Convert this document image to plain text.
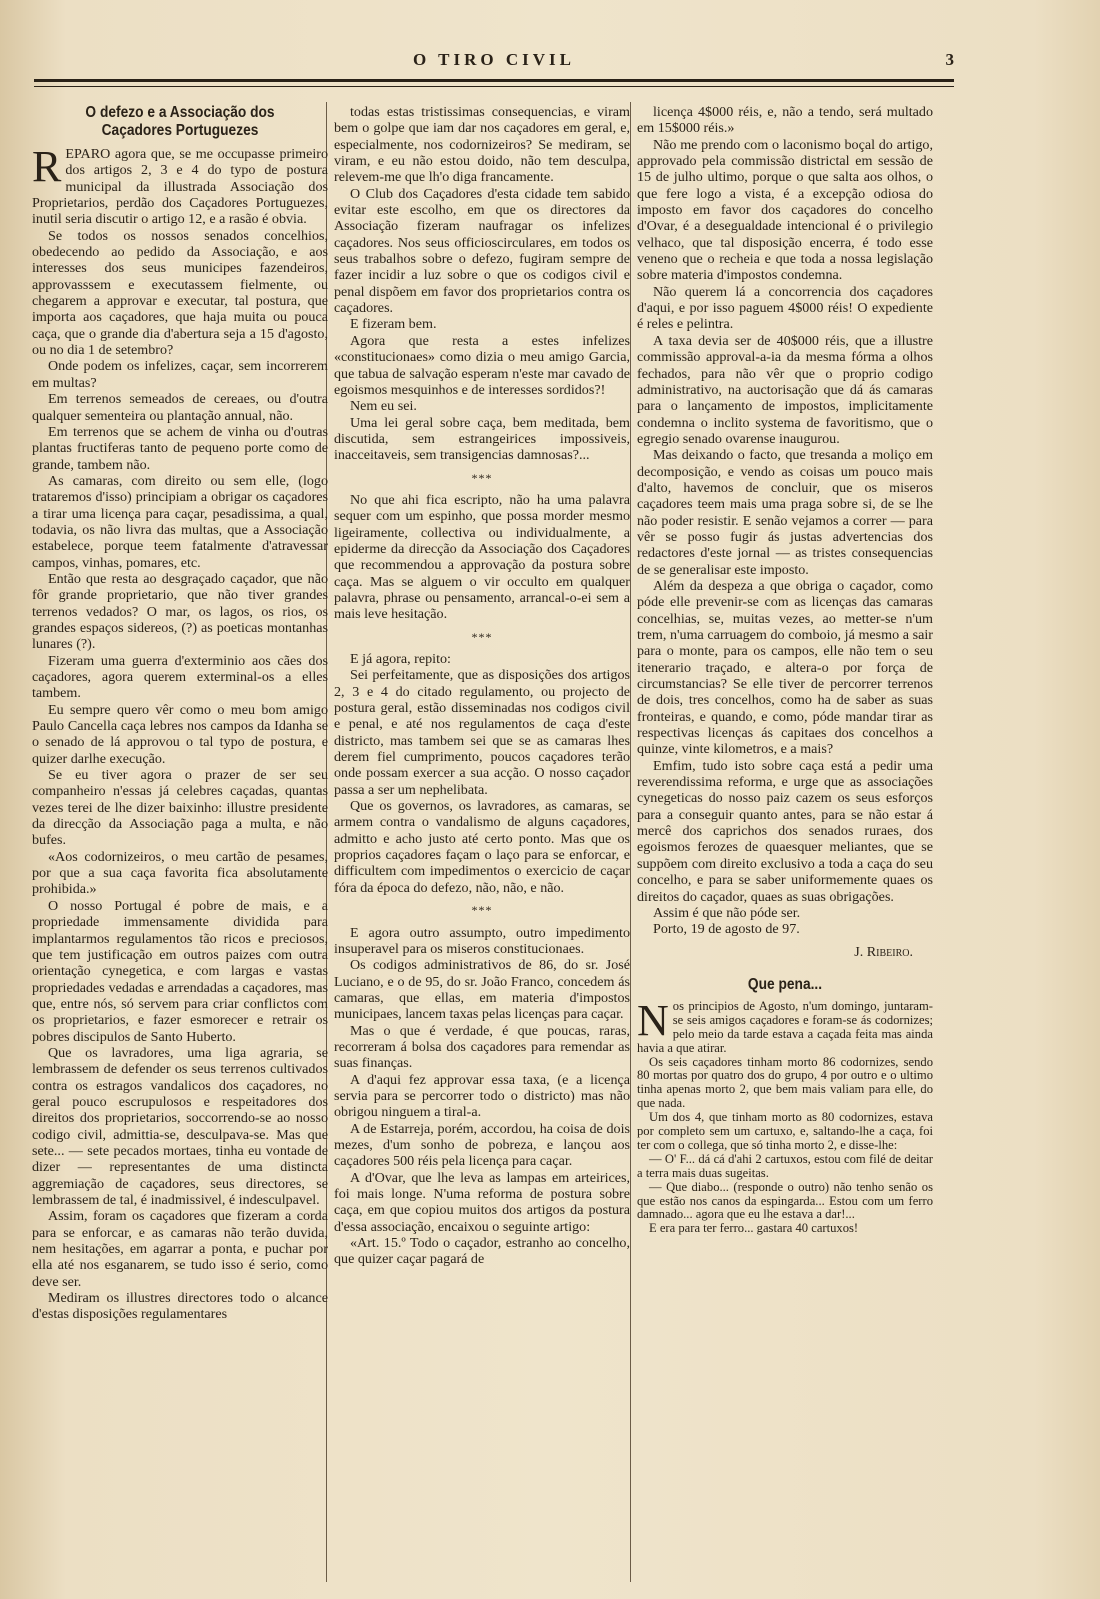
O TIRO CIVIL	3
O defezo e a Associação dos Caçadores Portuguezes
R EPARO agora que, se me occupasse primeiro dos artigos 2, 3 e 4 do typo de postura municipal da illustrada Associação dos Proprietarios, perdão dos Caçadores Portuguezes, inutil seria discutir o artigo 12, e a rasão é obvia.

Se todos os nossos senados concelhios, obedecendo ao pedido da Associação, e aos interesses dos seus municipes fazendeiros, approvasssem e executassem fielmente, ou chegarem a approvar e executar, tal postura, que importa aos caçadores, que haja muita ou pouca caça, que o grande dia d'abertura seja a 15 d'agosto, ou no dia 1 de setembro?

Onde podem os infelizes, caçar, sem incorrerem em multas?

Em terrenos semeados de cereaes, ou d'outra qualquer sementeira ou plantação annual, não.

Em terrenos que se achem de vinha ou d'outras plantas fructiferas tanto de pequeno porte como de grande, tambem não.

As camaras, com direito ou sem elle, (logo trataremos d'isso) principiam a obrigar os caçadores a tirar uma licença para caçar, pesadissima, a qual, todavia, os não livra das multas, que a Associação estabelece, porque teem fatalmente d'atravessar campos, vinhas, pomares, etc.

Então que resta ao desgraçado caçador, que não fôr grande proprietario, que não tiver grandes terrenos vedados? O mar, os lagos, os rios, os grandes espaços siderеos, (?) as poeticas montanhas lunares (?).

Fizeram uma guerra d'exterminio aos cães dos caçadores, agora querem exterminal-os a elles tambem.

Eu sempre quero vêr como o meu bom amigo Paulo Cancella caça lebres nos campos da Idanha se o senado de lá approvou o tal typo de postura, e quizer darlhe execução.

Se eu tiver agora o prazer de ser seu companheiro n'essas já celebres caçadas, quantas vezes terei de lhe dizer baixinho: illustre presidente da direcção da Associação paga a multa, e não bufes.

«Aos codornizeiros, o meu cartão de pesames, por que a sua caça favorita fica absolutamente prohibida.»

O nosso Portugal é pobre de mais, e a propriedade immensamente dividida para implantarmos regulamentos tão ricos e preciosos, que tem justificação em outros paizes com outra orientação cynegetica, e com largas e vastas propriedades vedadas e arrendadas a caçadores, mas que, entre nós, só servem para criar conflictos com os proprietarios, e fazer esmorecer e retrair os pobres discipulos de Santo Huberto.

Que os lavradores, uma liga agraria, se lembrassem de defender os seus terrenos cultivados contra os estragos vandalicos dos caçadores, no geral pouco escrupulosos e respeitadores dos direitos dos proprietarios, soccorrendo-se ao nosso codigo civil, admittia-se, desculpava-se. Mas que sete... — sete pecados mortaes, tinha eu vontade de dizer — representantes de uma distincta aggremiação de caçadores, seus directores, se lembrassem de tal, é inadmissivel, é indesculpavel.

Assim, foram os caçadores que fizeram a corda para se enforcar, e as camaras não terão duvida, nem hesitações, em agarrar a ponta, e puchar por ella até nos esganarem, se tudo isso é serio, como deve ser.

Mediram os illustres directores todo o alcance d'estas disposições regulamentares

todas estas tristissimas consequencias, e viram bem o golpe que iam dar nos caçadores em geral, e, especialmente, nos codornizeiros? Se mediram, se viram, e eu não estou doido, não tem desculpa, relevem-me que lh'o diga francamente.

O Club dos Caçadores d'esta cidade tem sabido evitar este escolho, em que os directores da Associação fizeram naufragar os infelizes caçadores. Nos seus officioscirculares, em todos os seus trabalhos sobre o defezo, fugiram sempre de fazer incidir a luz sobre o que os codigos civil e penal dispõem em favor dos proprietarios contra os caçadores.

E fizeram bem.

Agora que resta a estes infelizes «constitucionaes» como dizia o meu amigo Garcia, que tabua de salvação esperam n'este mar cavado de egoismos mesquinhos e de interesses sordidos?!

Nem eu sei.

Uma lei geral sobre caça, bem meditada, bem discutida, sem estrangeirices impossiveis, inacceitaveis, sem transigencias damnosas?...

***

No que ahi fica escripto, não ha uma palavra sequer com um espinho, que possa morder mesmo ligeiramente, collectiva ou individualmente, a epiderme da direcção da Associação dos Caçadores que recommendou a approvação da postura sobre caça. Mas se alguem o vir occulto em qualquer palavra, phrase ou pensamento, arrancal-o-ei sem a mais leve hesitação.

***

E já agora, repito:

Sei perfeitamente, que as disposições dos artigos 2, 3 e 4 do citado regulamento, ou projecto de postura geral, estão disseminadas nos codigos civil e penal, e até nos regulamentos de caça d'este districto, mas tambem sei que se as camaras lhes derem fiel cumprimento, poucos caçadores terão onde possam exercer a sua acção. O nosso caçador passa a ser um nephelibata.

Que os governos, os lavradores, as camaras, se armem contra o vandalismo de alguns caçadores, admitto e acho justo até certo ponto. Mas que os proprios caçadores façam o laço para se enforcar, e difficultem com impedimentos o exercicio de caçar fóra da época do defezo, não, não, e não.

***

E agora outro assumpto, outro impedimento insuperavel para os miseros constitucionaes.

Os codigos administrativos de 86, do sr. José Luciano, e o de 95, do sr. João Franco, concedem ás camaras, que ellas, em materia d'impostos municipaes, lancem taxas pelas licenças para caçar.

Mas o que é verdade, é que poucas, raras, recorreram á bolsa dos caçadores para remendar as suas finanças.

A d'aqui fez approvar essa taxa, (e a licença servia para se percorrer todo o districto) mas não obrigou ninguem a tiral-a.

A de Estarreja, porém, accordou, ha coisa de dois mezes, d'um sonho de pobreza, e lançou aos caçadores 500 réis pela licença para caçar.

A d'Ovar, que lhe leva as lampas em arteirices, foi mais longe. N'uma reforma de postura sobre caça, em que copiou muitos dos artigos da postura d'essa associação, encaixou o seguinte artigo:

«Art. 15.º Todo o caçador, estranho ao concelho, que quizer caçar pagará de

licença 4$000 réis, e, não a tendo, será multado em 15$000 réis.»

Não me prendo com o laconismo boçal do artigo, approvado pela commissão districtal em sessão de 15 de julho ultimo, porque o que salta aos olhos, o que fere logo a vista, é a excepção odiosa do imposto em favor dos caçadores do concelho d'Ovar, é a desegualdade intencional é o privilegio velhaco, que tal disposição encerra, é todo esse veneno que o recheia e que toda a nossa legislação sobre materia d'impostos condemna.

Não querem lá a concorrencia dos caçadores d'aqui, e por isso paguem 4$000 réis! O expediente é reles e pelintra.

A taxa devia ser de 40$000 réis, que a illustre commissão approval-a-ia da mesma fórma a olhos fechados, para não vêr que o proprio codigo administrativo, na auctorisação que dá ás camaras para o lançamento de impostos, implicitamente condemna o inclito systema de favoritismo, que o egregio senado ovarense inaugurou.

Mas deixando o facto, que tresanda a moliço em decomposição, e vendo as coisas um pouco mais d'alto, havemos de concluir, que os miseros caçadores teem mais uma praga sobre si, de se lhe não poder resistir. E senão vejamos a correr — para vêr se posso fugir ás justas advertencias dos redactores d'este jornal — as tristes consequencias de se generalisar este imposto.

Além da despeza a que obriga o caçador, como póde elle prevenir-se com as licenças das camaras concelhias, se, muitas vezes, ao metter-se n'um trem, n'uma carruagem do comboio, já mesmo a sair para o monte, para os campos, elle não tem o seu itenerario traçado, e altera-o por força de circumstancias? Se elle tiver de percorrer terrenos de dois, tres concelhos, como ha de saber as suas fronteiras, e quando, e como, póde mandar tirar as respectivas licenças ás capitaes dos concelhos a quinze, vinte kilometros, e a mais?

Emfim, tudo isto sobre caça está a pedir uma reverendissima reforma, e urge que as associações cynegeticas do nosso paiz cazem os seus esforços para a conseguir quanto antes, para se não estar á mercê dos caprichos dos senados ruraes, dos egoismos ferozes de quaesquer meliantes, que se suppõem com direito exclusivo a toda a caça do seu concelho, e para se saber uniformemente quaes os direitos do caçador, quaes as suas obrigações.

Assim é que não póde ser.

Porto, 19 de agosto de 97.

J. Ribeiro.
Que pena...
N os principios de Agosto, n'um domingo, juntaram-se seis amigos caçadores e foram-se ás codornizes; pelo meio da tarde estava a caçada feita mas ainda havia a que atirar.

Os seis caçadores tinham morto 86 codornizes, sendo 80 mortas por quatro dos do grupo, 4 por outro e o ultimo tinha apenas morto 2, que bem mais valiam para elle, do que nada.

Um dos 4, que tinham morto as 80 codornizes, estava por completo sem um cartuxo, e, saltando-lhe a caça, foi ter com o collega, que só tinha morto 2, e disse-lhe:

— O' F... dá cá d'ahi 2 cartuxos, estou com filé de deitar a terra mais duas sugeitas.

— Que diabo... (responde o outro) não tenho senão os que estão nos canos da espingarda... Estou com um ferro damnado... agora que eu lhe estava a dar!...

E era para ter ferro... gastara 40 cartuxos!
